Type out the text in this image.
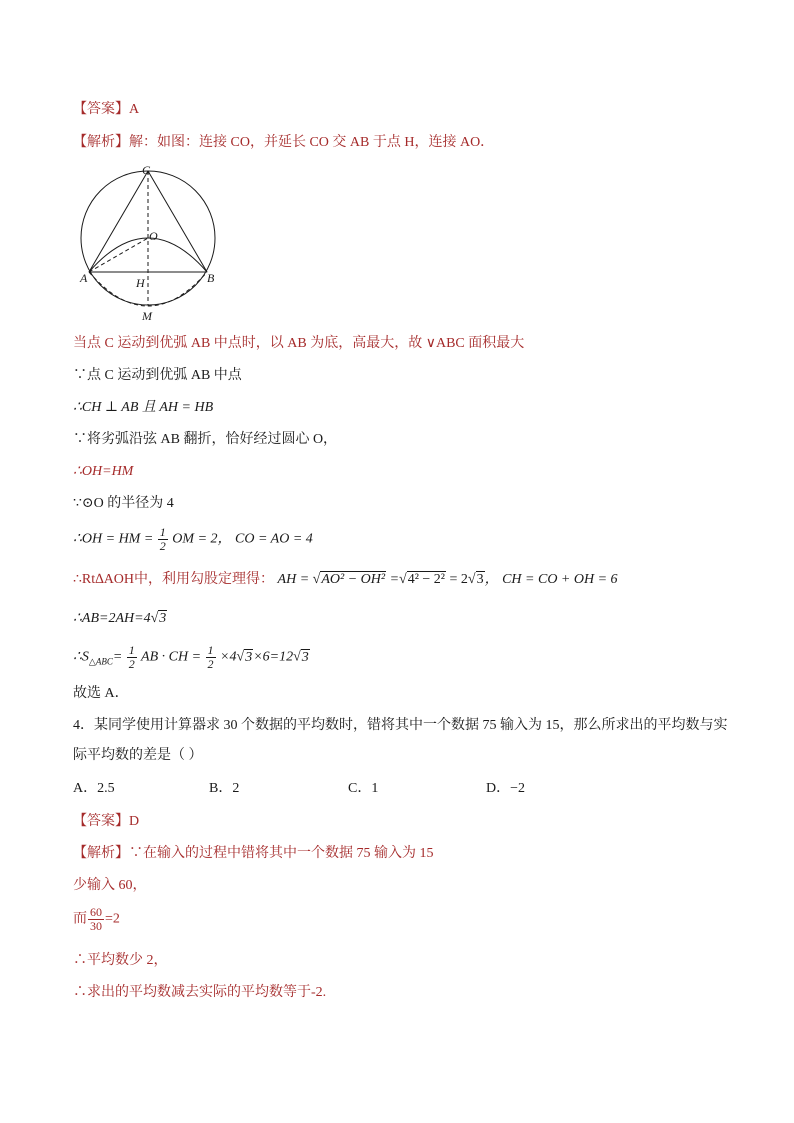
【答案】A
【解析】解：如图：连接 CO，并延长 CO 交 AB 于点 H，连接 AO．
C
O
A	B
H
M
当点 C 运动到优弧 AB 中点时，以 AB 为底，高最大，故 ∨ABC 面积最大
∵点 C 运动到优弧 AB 中点
∴CH ⊥ AB 且 AH = HB
∵将劣弧沿弦 AB 翻折，恰好经过圆心 O，
∴OH=HM
∵⊙O 的半径为 4
∴OH = HM = $\frac{1}{2}$ OM = 2， CO = AO = 4
∴Rt∆AOH中，利用勾股定理得： AH = √AO² − OH² =√4² − 2² = 2√3， CH = CO + OH = 6
∴AB=2AH=4√3
$\therefore S_{\triangle ABC}= \frac{1}{2}$ AB · CH = $\frac{1}{2} \times 4√3\times 6=12√3$
故选 A．
4．某同学使用计算器求 30 个数据的平均数时，错将其中一个数据 75 输入为 15，那么所求出的平均数与实
际平均数的差是（ ）
A．2.5	B．2	C．1	D．−2
【答案】D
【解析】∵在输入的过程中错将其中一个数据 75 输入为 15
少输入 60，
而 $\frac{60}{30} =2$
∴平均数少 2，
∴求出的平均数减去实际的平均数等于-2.
